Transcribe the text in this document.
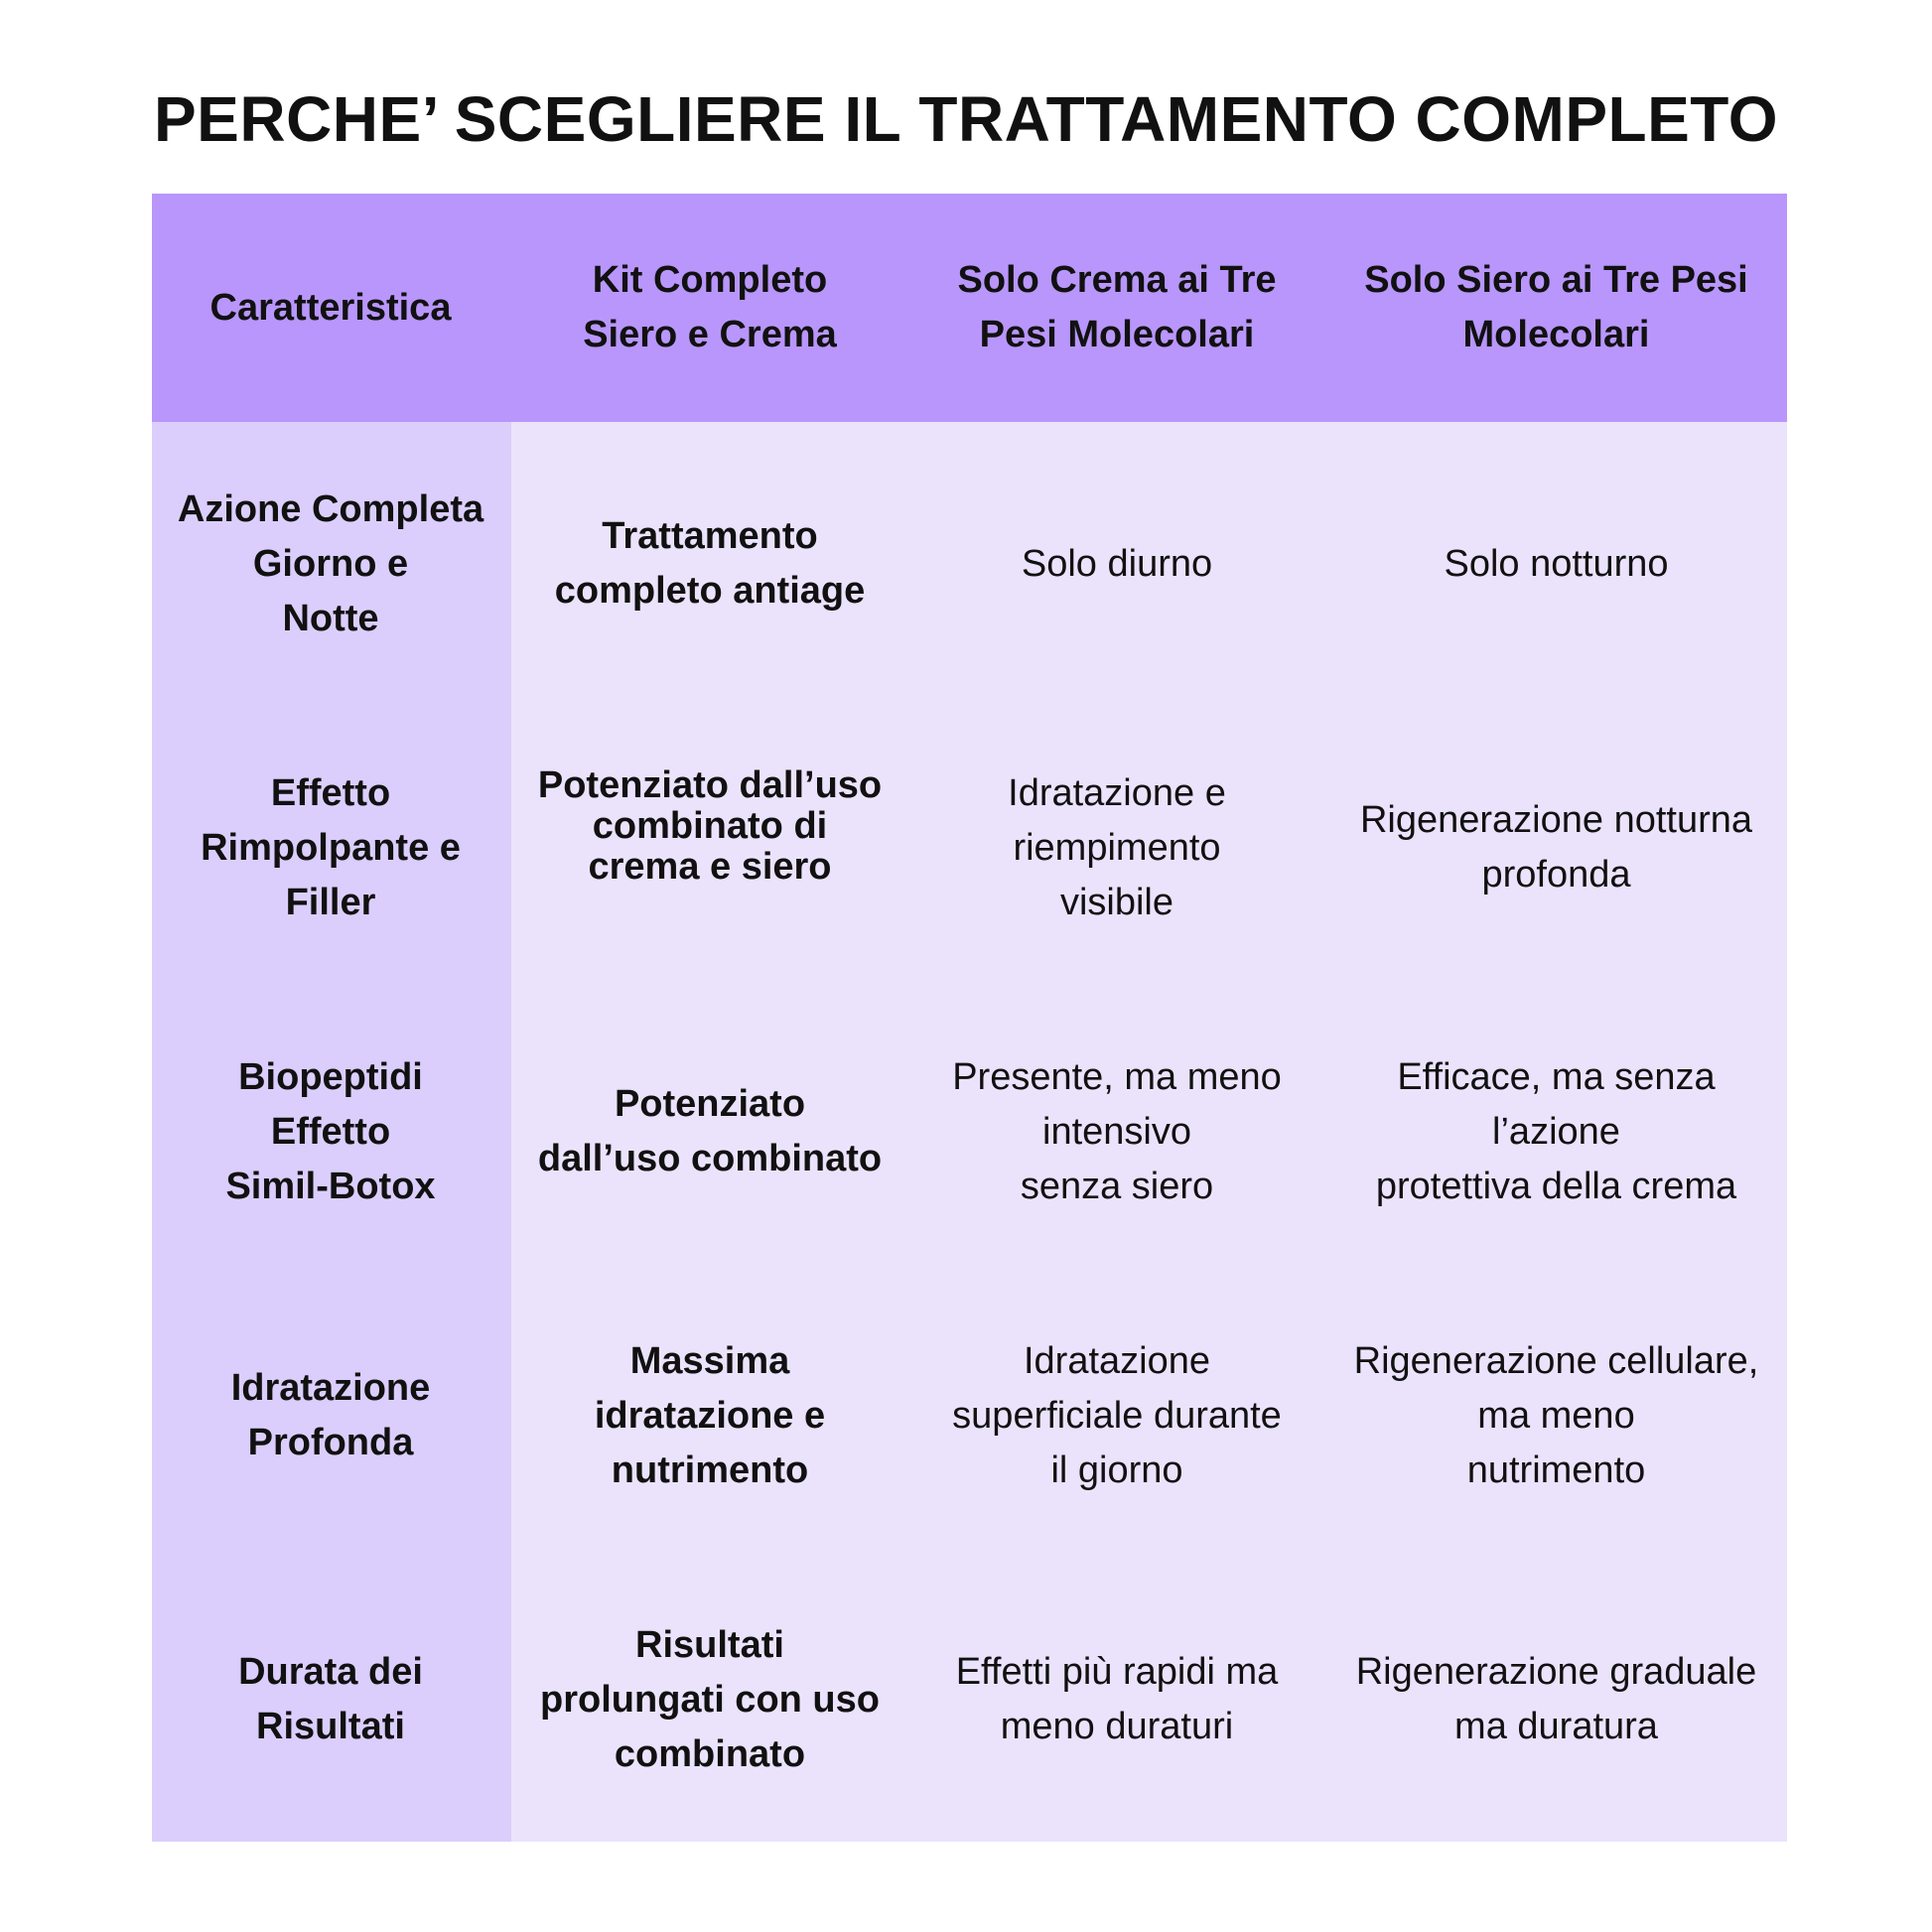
PERCHE’ SCEGLIERE IL TRATTAMENTO COMPLETO
Caratteristica
Kit Completo
Siero e Crema
Solo Crema ai Tre
Pesi Molecolari
Solo Siero ai Tre Pesi
Molecolari
Azione Completa
Giorno e
Notte
Trattamento
completo antiage
Solo diurno	Solo notturno
Effetto
Rimpolpante e
Filler
Potenziato dall’uso
combinato di
crema e siero
Idratazione e
riempimento
visibile
Rigenerazione notturna
profonda
Biopeptidi
Effetto
Simil-Botox
Potenziato
dall’uso combinato
Presente, ma meno
intensivo
senza siero
Efficace, ma senza
l’azione
protettiva della crema
Idratazione
Profonda
Massima
idratazione e
nutrimento
Idratazione
superficiale durante
il giorno
Rigenerazione cellulare,
ma meno
nutrimento
Durata dei
Risultati
Risultati
prolungati con uso
combinato
Effetti più rapidi ma
meno duraturi
Rigenerazione graduale
ma duratura
